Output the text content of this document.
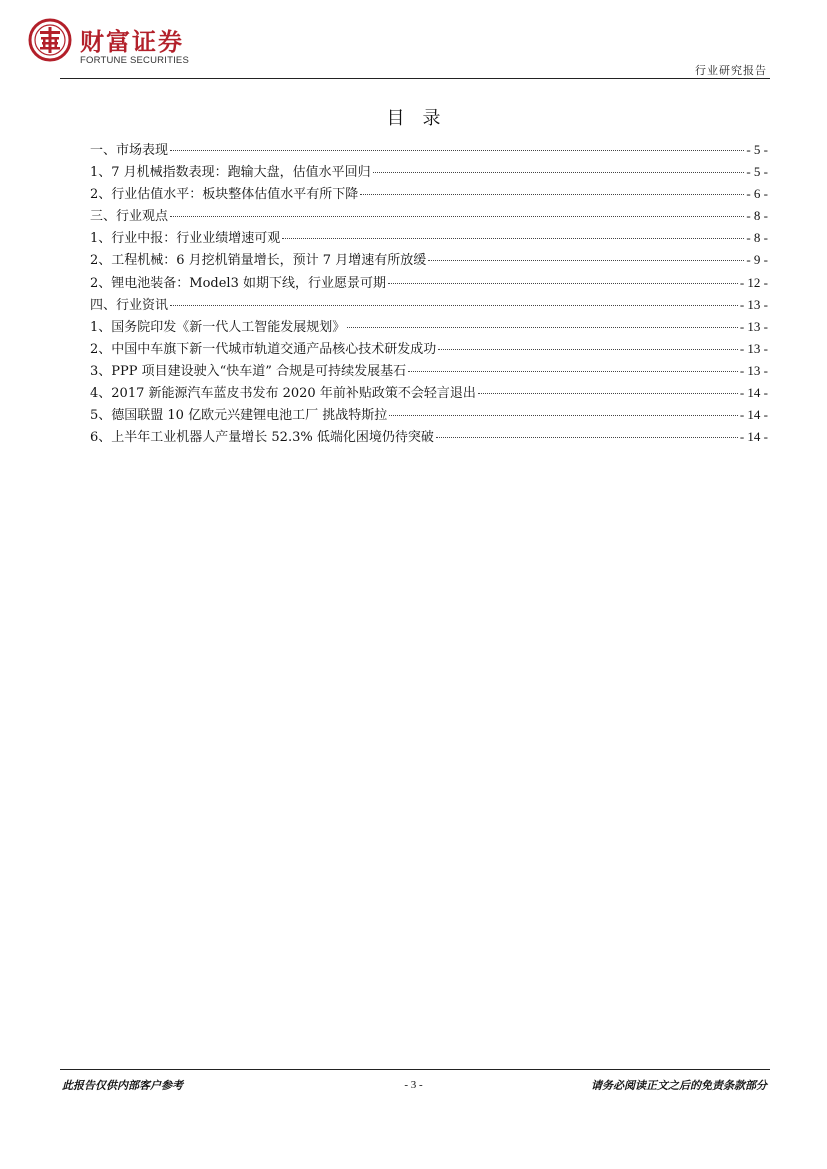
财富证券
FORTUNE SECURITIES
行业研究报告
目录
一、市场表现	- 5 -
1、7 月机械指数表现：跑输大盘，估值水平回归	- 5 -
2、行业估值水平：板块整体估值水平有所下降	- 6 -
三、行业观点	- 8 -
1、行业中报：行业业绩增速可观	- 8 -
2、工程机械：6 月挖机销量增长，预计 7 月增速有所放缓	- 9 -
2、锂电池装备：Model3 如期下线，行业愿景可期	- 12 -
四、行业资讯	- 13 -
1、国务院印发《新一代人工智能发展规划》	- 13 -
2、中国中车旗下新一代城市轨道交通产品核心技术研发成功	- 13 -
3、PPP 项目建设驶入“快车道” 合规是可持续发展基石	- 13 -
4、2017 新能源汽车蓝皮书发布 2020 年前补贴政策不会轻言退出	- 14 -
5、德国联盟 10 亿欧元兴建锂电池工厂 挑战特斯拉	- 14 -
6、上半年工业机器人产量增长 52.3% 低端化困境仍待突破	- 14 -
此报告仅供内部客户参考	- 3 -	请务必阅读正文之后的免责条款部分
